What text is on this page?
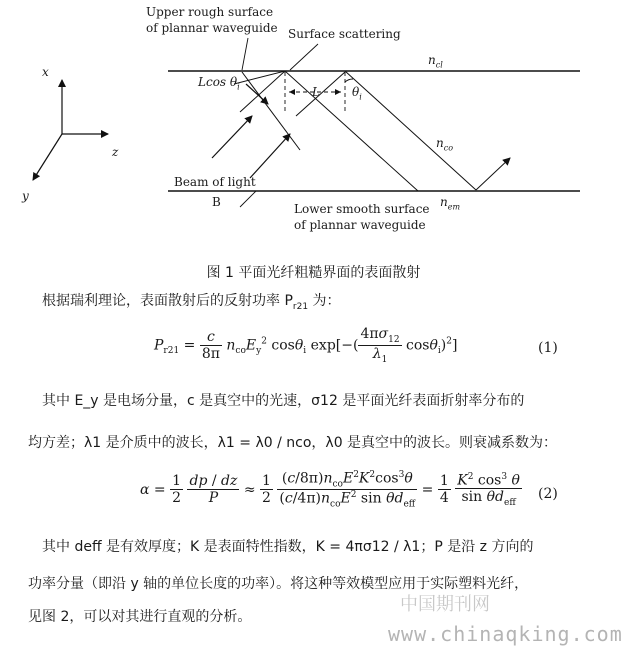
Upper rough surface
of plannar waveguide Surface scattering
$n_{cl}$
x
z
y
Lcos $\theta_i$	L	$\theta_i$
$n_{co}$
Beam of light
B	$n_{em}$
Lower smooth surface
of plannar waveguide
图 1 平面光纤粗糙界面的表面散射
根据瑞利理论，表面散射后的反射功率 $P_{r21}$ 为：
$P_{r21} = \frac{c}{8\pi} n_{co}E_y^2$ cosθ$_i$ $\exp[-( \frac{4\pi\sigma_{12}}{\lambda_1} \cos\theta_i)^2]$	(1)
其中 E_y 是电场分量，c 是真空中的光速，σ12 是平面光纤表面折射率分布的
均方差；λ1 是介质中的波长，λ1 = λ0 / nco，λ0 是真空中的波长。则衰减系数为：
$\alpha = \frac{1}{2}$
$\frac{dp / dz}{P} \approx \frac{1}{2}$
$\frac{(c/8\pi)n_{co}E^2K^2\cos^3\theta}{(c/4\pi)n_{co}E^2 \sin \theta d_{eff}} = \frac{1}{4}$
$\frac{K^2 \cos^3 \theta}{\sin \theta d_{eff}} (2)$
其中 deff 是有效厚度；K 是表面特性指数，K = 4πσ12 / λ1；P 是沿 z 方向的
功率分量（即沿 y 轴的单位长度的功率）。将这种等效模型应用于实际塑料光纤，
见图 2，可以对其进行直观的分析。
中国期刊网
www.chinaqking.com
